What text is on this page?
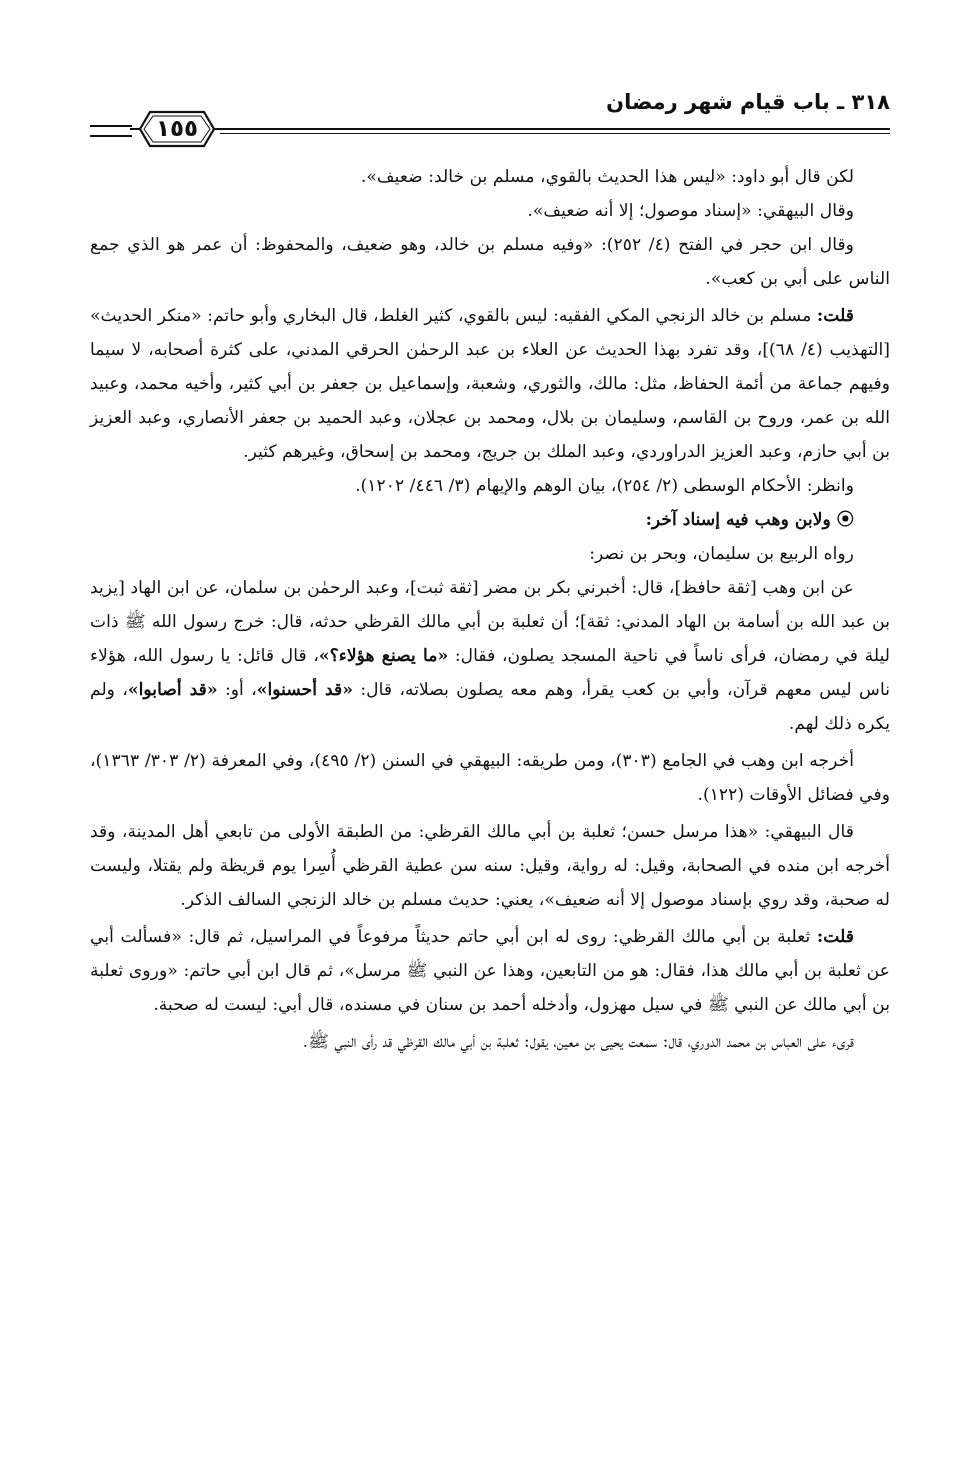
٣١٨ ـ باب قيام شهر رمضان
١٥٥

لكن قال أبو داود: «ليس هذا الحديث بالقوي، مسلم بن خالد: ضعيف».

وقال البيهقي: «إسناد موصول؛ إلا أنه ضعيف».

وقال ابن حجر في الفتح (٤/ ٢٥٢): «وفيه مسلم بن خالد، وهو ضعيف، والمحفوظ: أن عمر هو الذي جمع الناس على أبي بن كعب».

قلت: مسلم بن خالد الزنجي المكي الفقيه: ليس بالقوي، كثير الغلط، قال البخاري وأبو حاتم: «منكر الحديث» [التهذيب (٤/ ٦٨)]، وقد تفرد بهذا الحديث عن العلاء بن عبد الرحمٰن الحرقي المدني، على كثرة أصحابه، لا سيما وفيهم جماعة من أئمة الحفاظ، مثل: مالك، والثوري، وشعبة، وإسماعيل بن جعفر بن أبي كثير، وأخيه محمد، وعبيد الله بن عمر، وروح بن القاسم، وسليمان بن بلال، ومحمد بن عجلان، وعبد الحميد بن جعفر الأنصاري، وعبد العزيز بن أبي حازم، وعبد العزيز الدراوردي، وعبد الملك بن جريج، ومحمد بن إسحاق، وغيرهم كثير.

وانظر: الأحكام الوسطى (٢/ ٢٥٤)، بيان الوهم والإيهام (٣/ ٤٤٦/ ١٢٠٢).

⦿ ولابن وهب فيه إسناد آخر:

رواه الربيع بن سليمان، وبحر بن نصر:

عن ابن وهب [ثقة حافظ]، قال: أخبرني بكر بن مضر [ثقة ثبت]، وعبد الرحمٰن بن سلمان، عن ابن الهاد [يزيد بن عبد الله بن أسامة بن الهاد المدني: ثقة]؛ أن ثعلبة بن أبي مالك القرظي حدثه، قال: خرج رسول الله ﷺ ذات ليلة في رمضان، فرأى ناساً في ناحية المسجد يصلون، فقال: «ما يصنع هؤلاء؟»، قال قائل: يا رسول الله، هؤلاء ناس ليس معهم قرآن، وأبي بن كعب يقرأ، وهم معه يصلون بصلاته، قال: «قد أحسنوا»، أو: «قد أصابوا»، ولم يكره ذلك لهم.

أخرجه ابن وهب في الجامع (٣٠٣)، ومن طريقه: البيهقي في السنن (٢/ ٤٩٥)، وفي المعرفة (٢/ ٣٠٣/ ١٣٦٣)، وفي فضائل الأوقات (١٢٢).

قال البيهقي: «هذا مرسل حسن؛ ثعلبة بن أبي مالك القرظي: من الطبقة الأولى من تابعي أهل المدينة، وقد أخرجه ابن منده في الصحابة، وقيل: له رواية، وقيل: سنه سن عطية القرظي أُسِرا يوم قريظة ولم يقتلا، وليست له صحبة، وقد روي بإسناد موصول إلا أنه ضعيف»، يعني: حديث مسلم بن خالد الزنجي السالف الذكر.

قلت: ثعلبة بن أبي مالك القرظي: روى له ابن أبي حاتم حديثاً مرفوعاً في المراسيل، ثم قال: «فسألت أبي عن ثعلبة بن أبي مالك هذا، فقال: هو من التابعين، وهذا عن النبي ﷺ مرسل»، ثم قال ابن أبي حاتم: «وروى ثعلبة بن أبي مالك عن النبي ﷺ في سيل مهزول، وأدخله أحمد بن سنان في مسنده، قال أبي: ليست له صحبة.

قرىء على العباس بن محمد الدوري، قال: سمعت يحيى بن معين، يقول: ثعلبة بن أبي مالك القرظي قد رأى النبي ﷺ.
